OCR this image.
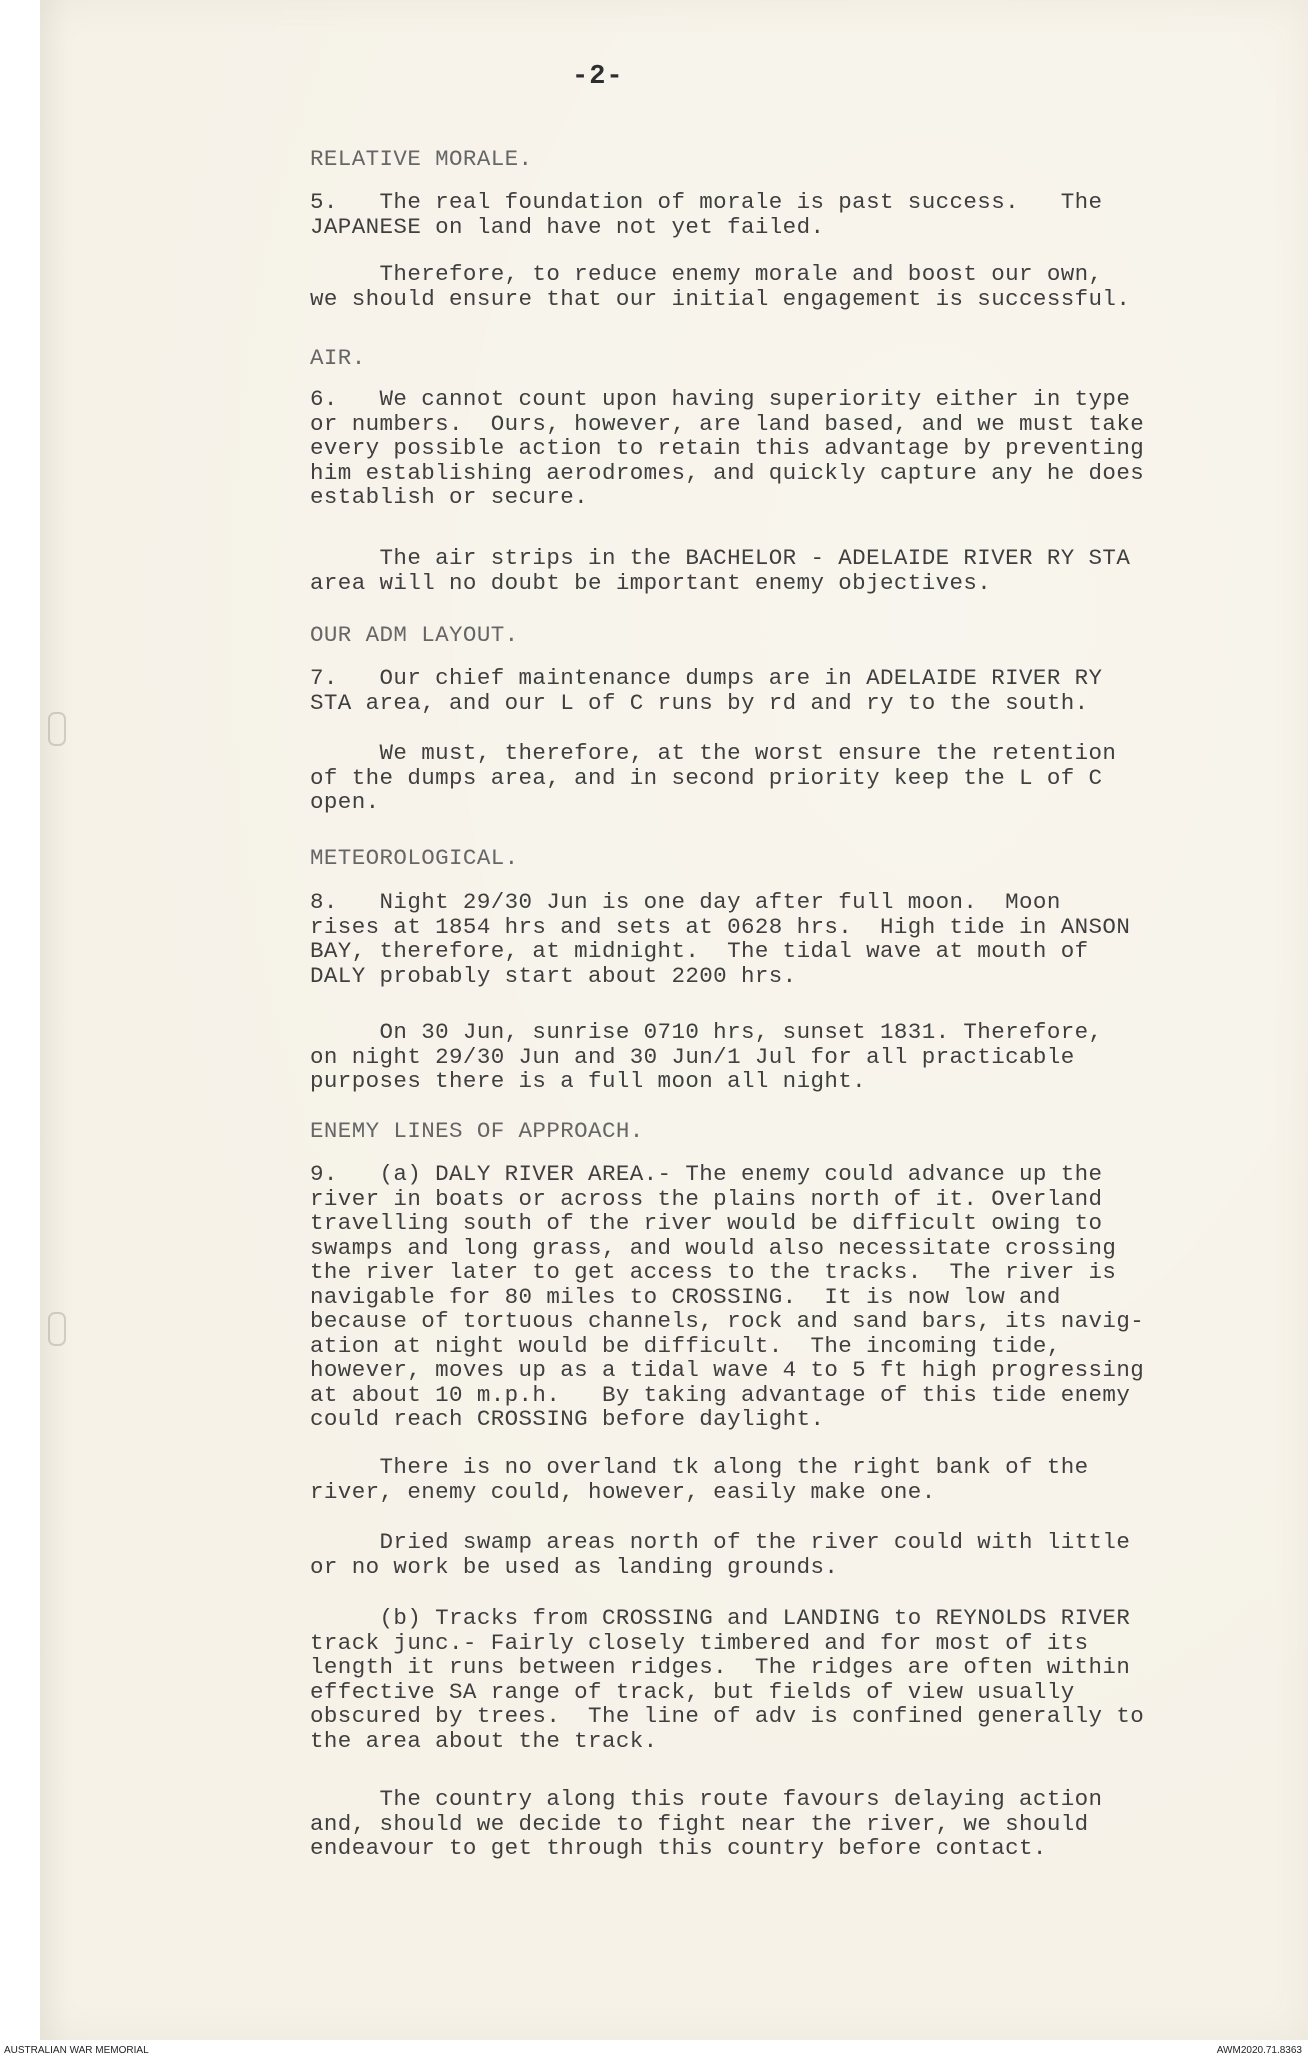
-2-
RELATIVE MORALE.
5.   The real foundation of morale is past success.   The
JAPANESE on land have not yet failed.
Therefore, to reduce enemy morale and boost our own,
we should ensure that our initial engagement is successful.
AIR.
6.   We cannot count upon having superiority either in type
or numbers.  Ours, however, are land based, and we must take
every possible action to retain this advantage by preventing
him establishing aerodromes, and quickly capture any he does
establish or secure.
The air strips in the BACHELOR - ADELAIDE RIVER RY STA
area will no doubt be important enemy objectives.
OUR ADM LAYOUT.
7.   Our chief maintenance dumps are in ADELAIDE RIVER RY
STA area, and our L of C runs by rd and ry to the south.
We must, therefore, at the worst ensure the retention
of the dumps area, and in second priority keep the L of C
open.
METEOROLOGICAL.
8.   Night 29/30 Jun is one day after full moon.  Moon
rises at 1854 hrs and sets at 0628 hrs.  High tide in ANSON
BAY, therefore, at midnight.  The tidal wave at mouth of
DALY probably start about 2200 hrs.
On 30 Jun, sunrise 0710 hrs, sunset 1831. Therefore,
on night 29/30 Jun and 30 Jun/1 Jul for all practicable
purposes there is a full moon all night.
ENEMY LINES OF APPROACH.
9.   (a) DALY RIVER AREA.- The enemy could advance up the
river in boats or across the plains north of it. Overland
travelling south of the river would be difficult owing to
swamps and long grass, and would also necessitate crossing
the river later to get access to the tracks.  The river is
navigable for 80 miles to CROSSING.  It is now low and
because of tortuous channels, rock and sand bars, its navig-
ation at night would be difficult.  The incoming tide,
however, moves up as a tidal wave 4 to 5 ft high progressing
at about 10 m.p.h.   By taking advantage of this tide enemy
could reach CROSSING before daylight.
There is no overland tk along the right bank of the
river, enemy could, however, easily make one.
Dried swamp areas north of the river could with little
or no work be used as landing grounds.
(b) Tracks from CROSSING and LANDING to REYNOLDS RIVER
track junc.- Fairly closely timbered and for most of its
length it runs between ridges.  The ridges are often within
effective SA range of track, but fields of view usually
obscured by trees.  The line of adv is confined generally to
the area about the track.
The country along this route favours delaying action
and, should we decide to fight near the river, we should
endeavour to get through this country before contact.
AUSTRALIAN WAR MEMORIAL	AWM2020.71.8363
